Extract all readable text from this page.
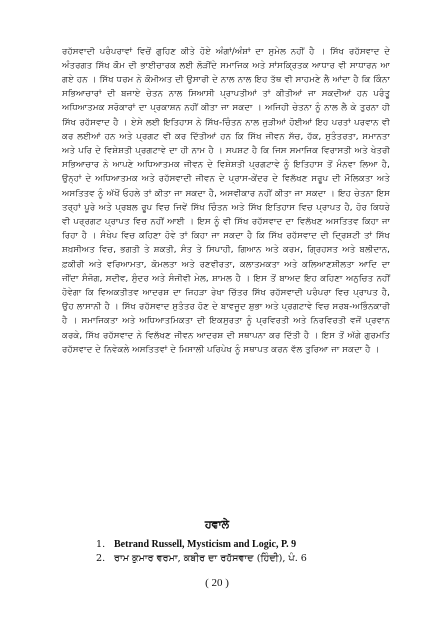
ਰਹੱਸਵਾਦੀ ਪਰੰਪਰਾਵਾਂ ਵਿਚੋਂ ਗੁਹਿਣ ਕੀਤੇ ਹੋਏ ਅੰਗਾਂ/ਅੰਸ਼ਾਂ ਦਾ ਸੁਮੇਲ ਨਹੀਂ ਹੈ । ਸਿੱਖ ਰਹੱਸਵਾਦ ਦੇ ਅੰਤਰਗਤ ਸਿੱਖ ਕੌਮ ਦੀ ਭਾਈਚਾਰਕ ਲਈ ਲੋੜੀਂਦੇ ਸਮਾਜਿਕ ਅਤੇ ਸਾਂਸਕ੍ਰਿਤਕ ਆਧਾਰ ਵੀ ਸਾਧਾਰਨ ਆ ਗਏ ਹਨ । ਸਿੱਖ ਧਰਮ ਨੇ ਕੌਮੀਅਤ ਦੀ ਉਸਾਰੀ ਦੇ ਨਾਲ ਨਾਲ ਇਹ ਤੱਥ ਵੀ ਸਾਹਮਣੇ ਲੈ ਆਂਦਾ ਹੈ ਕਿ ਕਿੰਨਾ ਸਭਿਆਚਾਰਾਂ ਦੀ ਬਜਾਏ ਚੇਤਨ ਨਾਲ ਸਿਆਸੀ ਪ੍ਰਾਪਤੀਆਂ ਤਾਂ ਕੀਤੀਆਂ ਜਾ ਸਕਦੀਆਂ ਹਨ ਪਰੰਤੂ ਅਧਿਆਤਮਕ ਸਰੋਕਾਰਾਂ ਦਾ ਪ੍ਰਕਾਸ਼ਨ ਨਹੀਂ ਕੀਤਾ ਜਾ ਸਕਦਾ । ਅਜਿਹੀ ਚੇਤਨਾ ਨੂੰ ਨਾਲ ਲੈ ਕੇ ਤੁਰਨਾ ਹੀ ਸਿੱਖ ਰਹੱਸਵਾਦ ਹੈ । ਏਸੇ ਲਈ ਇਤਿਹਾਸ ਨੇ ਸਿੱਖ-ਚਿੰਤਨ ਨਾਲ ਜੁੜੀਆਂ ਹੋਈਆਂ ਇਹ ਪਰਤਾਂ ਪਰਵਾਨ ਵੀ ਕਰ ਲਈਆਂ ਹਨ ਅਤੇ ਪ੍ਰਗਟ ਵੀ ਕਰ ਦਿੱਤੀਆਂ ਹਨ ਕਿ ਸਿੱਖ ਜੀਵਨ ਸੱਚ, ਹੱਕ, ਸੁਤੰਤਰਤਾ, ਸਮਾਨਤਾ ਅਤੇ ਪਰਿ ਦੇ ਵਿਸ਼ੇਸ਼ਤੀ ਪ੍ਰਗਟਾਵੇ ਦਾ ਹੀ ਨਾਮ ਹੈ । ਸਪਸ਼ਟ ਹੈ ਕਿ ਜਿਸ ਸਮਾਜਿਕ ਵਿਰਾਸਤੀ ਅਤੇ ਖੇਤਰੀ ਸਭਿਆਚਾਰ ਨੇ ਆਪਣੇ ਅਧਿਆਤਮਕ ਜੀਵਨ ਦੇ ਵਿਸ਼ੇਸ਼ਤੀ ਪ੍ਰਗਟਾਵੇ ਨੂੰ ਇਤਿਹਾਸ ਤੋਂ ਮੰਨਵਾ ਲਿਆ ਹੈ, ਉਨ੍ਹਾਂ ਦੇ ਅਧਿਆਤਮਕ ਅਤੇ ਰਹੱਸਵਾਦੀ ਜੀਵਨ ਦੇ ਪ੍ਰਾਸ-ਕੇਂਦਰ ਦੇ ਵਿਲੱਖਣ ਸਰੂਪ ਦੀ ਮੌਲਿਕਤਾ ਅਤੇ ਅਸਤਿਤਵ ਨੂੰ ਅੱਖੋਂ ਓਹਲੇ ਤਾਂ ਕੀਤਾ ਜਾ ਸਕਦਾ ਹੈ, ਅਸਵੀਕਾਰ ਨਹੀਂ ਕੀਤਾ ਜਾ ਸਕਦਾ । ਇਹ ਚੇਤਨਾ ਇਸ ਤਰ੍ਹਾਂ ਪੂਰੇ ਅਤੇ ਪ੍ਰਬਲ ਰੂਪ ਵਿਚ ਜਿਵੇਂ ਸਿੱਖ ਚਿੰਤਨ ਅਤੇ ਸਿੱਖ ਇਤਿਹਾਸ ਵਿਚ ਪ੍ਰਾਪਤ ਹੈ, ਹੋਰ ਕਿਧਰੇ ਵੀ ਪਰ੍ਰਗਟ ਪ੍ਰਾਪਤ ਵਿਚ ਨਹੀਂ ਆਈ । ਇਸ ਨੂੰ ਵੀ ਸਿੱਖ ਰਹੱਸਵਾਦ ਦਾ ਵਿਲੱਖਣ ਅਸਤਿਤਵ ਕਿਹਾ ਜਾ ਰਿਹਾ ਹੈ । ਸੰਖੇਪ ਵਿਚ ਕਹਿਣਾ ਹੋਵੇ ਤਾਂ ਕਿਹਾ ਜਾ ਸਕਦਾ ਹੈ ਕਿ ਸਿੱਖ ਰਹੱਸਵਾਦ ਦੀ ਦ੍ਰਿਸ਼ਟੀ ਤਾਂ ਸਿੱਖ ਸ਼ਖ਼ਸੀਅਤ ਵਿਚ, ਭਗਤੀ ਤੇ ਸ਼ਕਤੀ, ਸੰਤ ਤੇ ਸਿਪਾਹੀ, ਗਿਆਨ ਅਤੇ ਕਰਮ, ਗ੍ਰਿਹਸਤ ਅਤੇ ਬਲੀਦਾਨ, ਫ਼ਕੀਰੀ ਅਤੇ ਵਰਿਆਮਤਾ, ਕੋਮਲਤਾ ਅਤੇ ਰਣਵੀਰਤਾ, ਕਲਾਤਮਕਤਾ ਅਤੇ ਕਲਿਆਣਸ਼ੀਲਤਾ ਆਦਿ ਦਾ ਜੀਂਦਾ ਸੰਜੋਗ, ਸਦੀਵ, ਸੁੰਦਰ ਅਤੇ ਸੰਜੀਵੀ ਮੇਲ, ਸ਼ਾਮਲ ਹੈ । ਇਸ ਤੋਂ ਬਾਅਦ ਇਹ ਕਹਿਣਾ ਅਨੁਚਿਤ ਨਹੀਂ ਹੋਵੇਗਾ ਕਿ ਵਿਅਕਤੀਤਵ ਆਦਰਸ਼ ਦਾ ਜਿਹੜਾ ਰੇਖਾ ਚਿੱਤਰ ਸਿੱਖ ਰਹੱਸਵਾਦੀ ਪਰੰਪਰਾ ਵਿਚ ਪ੍ਰਾਪਤ ਹੈ, ਉਹ ਲਾਸਾਨੀ ਹੈ । ਸਿੱਖ ਰਹੱਸਵਾਦ ਸੁਤੰਤਰ ਹੋਣ ਦੇ ਬਾਵਜੂਦ ਸ਼ੁਭਾ ਅਤੇ ਪ੍ਰਗਟਾਵੇ ਵਿਚ ਸਰਬ-ਅਭਿੰਨਕਾਰੀ ਹੈ । ਸਮਾਜਿਕਤਾ ਅਤੇ ਅਧਿਆਤਮਿਕਤਾ ਦੀ ਇਕਸੁਰਤਾ ਨੂੰ ਪ੍ਰਵਿਰਤੀ ਅਤੇ ਨਿਰਵਿਰਤੀ ਵਜੋਂ ਪ੍ਰਵਾਨ ਕਰਕੇ, ਸਿੱਖ ਰਹੱਸਵਾਦ ਨੇ ਵਿਲੱਖਣ ਜੀਵਨ ਆਦਰਸ਼ ਦੀ ਸਥਾਪਨਾ ਕਰ ਦਿੱਤੀ ਹੈ । ਇਸ ਤੋਂ ਅੱਗੇ ਗੁਰਮਤਿ ਰਹੱਸਵਾਦ ਦੇ ਨਿਵੇਕਲੇ ਅਸਤਿਤਵਾਂ ਦੇ ਮਿਸਾਲੀ ਪਰਿਪੇਖ ਨੂੰ ਸਥਾਪਤ ਕਰਨ ਵੱਲ ਤੁਰਿਆ ਜਾ ਸਕਦਾ ਹੈ ।

ਹਵਾਲੇ
1. Betrand Russell, Mysticism and Logic, P. 9
2. ਰਾਮ ਕੁਮਾਰ ਵਰਮਾ, ਕਬੀਰ ਦਾ ਰਹੱਸਵਾਦ (ਹਿੰਦੀ), ਪੰ. 6
( 20 )
